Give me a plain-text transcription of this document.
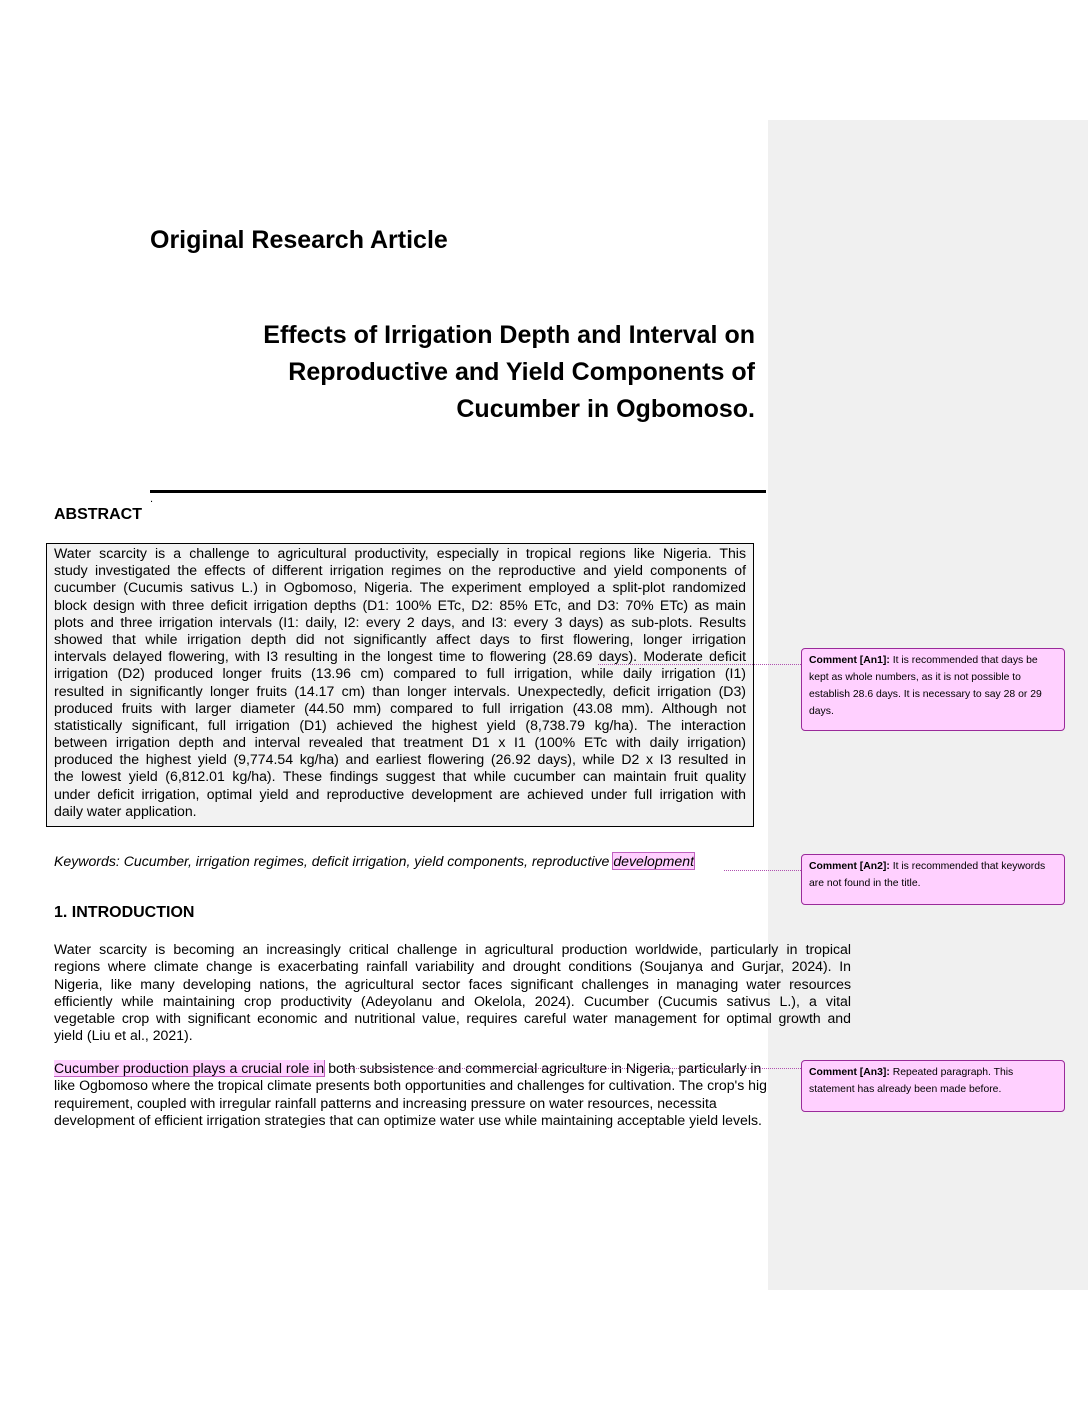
Original Research Article
Effects of Irrigation Depth and Interval on
Reproductive and Yield Components of
Cucumber in Ogbomoso.
.
ABSTRACT
Water scarcity is a challenge to agricultural productivity, especially in tropical regions like Nigeria. This
study investigated the effects of different irrigation regimes on the reproductive and yield components of
cucumber (Cucumis sativus L.) in Ogbomoso, Nigeria. The experiment employed a split-plot randomized
block design with three deficit irrigation depths (D1: 100% ETc, D2: 85% ETc, and D3: 70% ETc) as main
plots and three irrigation intervals (I1: daily, I2: every 2 days, and I3: every 3 days) as sub-plots. Results
showed that while irrigation depth did not significantly affect days to first flowering, longer irrigation
intervals delayed flowering, with I3 resulting in the longest time to flowering (28.69 days). Moderate deficit
irrigation (D2) produced longer fruits (13.96 cm) compared to full irrigation, while daily irrigation (I1)
resulted in significantly longer fruits (14.17 cm) than longer intervals. Unexpectedly, deficit irrigation (D3)
produced fruits with larger diameter (44.50 mm) compared to full irrigation (43.08 mm). Although not
statistically significant, full irrigation (D1) achieved the highest yield (8,738.79 kg/ha). The interaction
between irrigation depth and interval revealed that treatment D1 x I1 (100% ETc with daily irrigation)
produced the highest yield (9,774.54 kg/ha) and earliest flowering (26.92 days), while D2 x I3 resulted in
the lowest yield (6,812.01 kg/ha). These findings suggest that while cucumber can maintain fruit quality
under deficit irrigation, optimal yield and reproductive development are achieved under full irrigation with
daily water application.
Keywords: Cucumber, irrigation regimes, deficit irrigation, yield components, reproductive development
1. INTRODUCTION
Water scarcity is becoming an increasingly critical challenge in agricultural production worldwide, particularly in tropical
regions where climate change is exacerbating rainfall variability and drought conditions (Soujanya and Gurjar, 2024). In
Nigeria, like many developing nations, the agricultural sector faces significant challenges in managing water resources
efficiently while maintaining crop productivity (Adeyolanu and Okelola, 2024). Cucumber (Cucumis sativus L.), a vital
vegetable crop with significant economic and nutritional value, requires careful water management for optimal growth and
yield (Liu et al., 2021).
Cucumber production plays a crucial role in both subsistence and commercial agriculture in Nigeria, particularly in
like Ogbomoso where the tropical climate presents both opportunities and challenges for cultivation. The crop's hig
requirement, coupled with irregular rainfall patterns and increasing pressure on water resources, necessita
development of efficient irrigation strategies that can optimize water use while maintaining acceptable yield levels.
Comment [An1]: It is recommended that days be kept as whole numbers, as it is not possible to establish 28.6 days. It is necessary to say 28 or 29 days.
Comment [An2]: It is recommended that keywords are not found in the title.
Comment [An3]: Repeated paragraph. This statement has already been made before.
